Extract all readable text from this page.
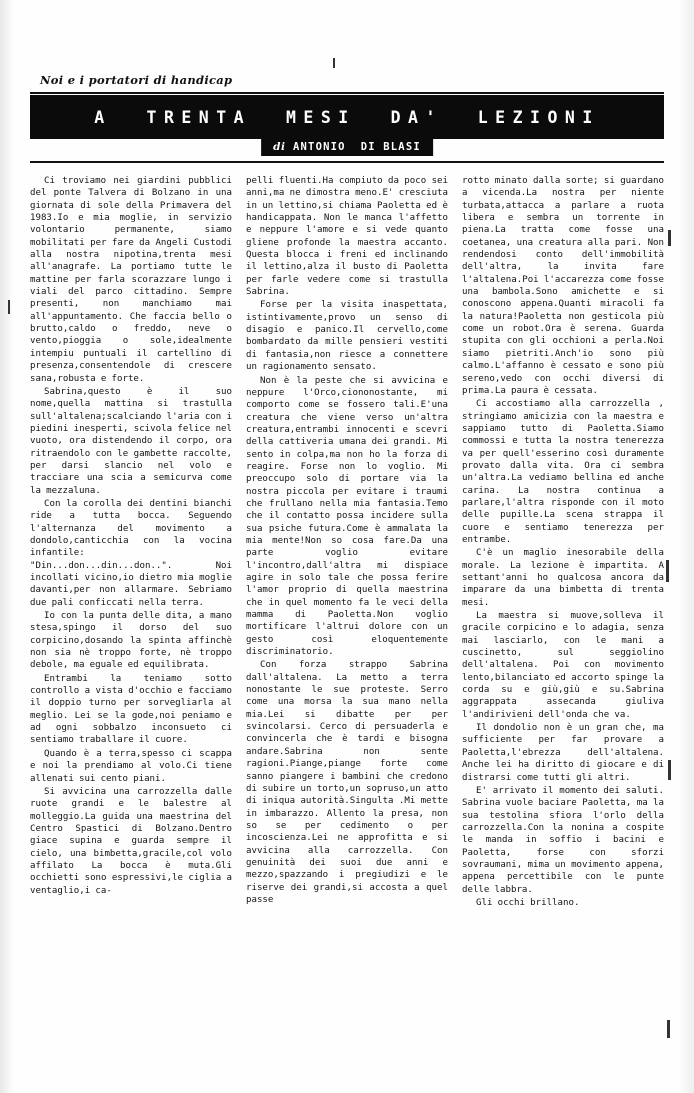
Noi e i portatori di handicap
A  TRENTA  MESI  DA'  LEZIONI
di ANTONIO  DI BLASI

Ci troviamo nei giardini pubblici del ponte Talvera di Bolzano in una giornata di sole della Primavera del 1983.Io e mia moglie, in servizio volontario permanente, siamo mobilitati per fare da Angeli Custodi alla nostra nipotina,trenta mesi all'anagrafe. La portiamo tutte le mattine per farla scorazzare lungo i viali del parco cittadino. Sempre presenti, non manchiamo mai all'appuntamento. Che faccia bello o brutto,caldo o freddo, neve o vento,pioggia o sole,idealmente intempiu puntuali il cartellino di presenza,consentendole di crescere sana,robusta e forte.

Sabrina,questo è il suo nome,quella mattina si trastulla sull'altalena;scalciando l'aria con i piedini inesperti, scivola felice nel vuoto, ora distendendo il corpo, ora ritraendolo con le gambette raccolte, per darsi slancio nel volo e tracciare una scia a semicurva come la mezzaluna.

Con la corolla dei dentini bianchi ride a tutta bocca. Seguendo l'alternanza del movimento a dondolo,canticchia con la vocina infantile: "Din...don...din...don..". Noi incollati vicino,io dietro mia moglie davanti,per non allarmare. Sebriamo due pali conficcati nella terra.

Io con la punta delle dita, a mano stesa,spingo il dorso del suo corpicino,dosando la spinta affinchè non sia nè troppo forte, nè troppo debole, ma eguale ed equilibrata.

Entrambi la teniamo sotto controllo a vista d'occhio e facciamo il doppio turno per sorvegliarla al meglio. Lei se la gode,noi peniamo e ad ogni sobbalzo inconsueto ci sentiamo traballare il cuore.

Quando è a terra,spesso ci scappa e noi la prendiamo al volo.Ci tiene allenati sui cento piani.

Si avvicina una carrozzella dalle ruote grandi e le balestre al molleggio.La guida una maestrina del Centro Spastici di Bolzano.Dentro giace supina e guarda sempre il cielo, una bimbetta,gracile,col volo affilato La bocca è muta.Gli occhietti sono espressivi,le ciglia a ventaglio,i ca-

pelli fluenti.Ha compiuto da poco sei anni,ma ne dimostra meno.E' cresciuta in un lettino,si chiama Paoletta ed è handicappata. Non le manca l'affetto e neppure l'amore e si vede quanto gliene profonde la maestra accanto. Questa blocca i freni ed inclinando il lettino,alza il busto di Paoletta per farle vedere come si trastulla Sabrina.

Forse per la visita inaspettata, istintivamente,provo un senso di disagio e panico.Il cervello,come bombardato da mille pensieri vestiti di fantasia,non riesce a connettere un ragionamento sensato.

Non è la peste che si avvicina e neppure l'Orco,ciononostante, mi comporto come se fossero tali.E'una creatura che viene verso un'altra creatura,entrambi innocenti e scevri della cattiveria umana dei grandi. Mi sento in colpa,ma non ho la forza di reagire. Forse non lo voglio. Mi preoccupo solo di portare via la nostra piccola per evitare i traumi che frullano nella mia fantasia.Temo che il contatto possa incidere sulla sua psiche futura.Come è ammalata la mia mente!Non so cosa fare.Da una parte voglio evitare l'incontro,dall'altra mi dispiace agire in solo tale che possa ferire l'amor proprio di quella maestrina che in quel momento fa le veci della mamma di Paoletta.Non voglio mortificare l'altrui dolore con un gesto così eloquentemente discriminatorio.

Con forza strappo Sabrina dall'altalena. La metto a terra nonostante le sue proteste. Serro come una morsa la sua mano nella mia.Lei si dibatte per per svincolarsi. Cerco di persuaderla e convincerla che è tardi e bisogna andare.Sabrina non sente ragioni.Piange,piange forte come sanno piangere i bambini che credono di subire un torto,un sopruso,un atto di iniqua autorità.Singulta .Mi mette in imbarazzo. Allento la presa, non so se per cedimento o per incoscienza.Lei ne approfitta e si avvicina alla carrozzella. Con genuinità dei suoi due anni e mezzo,spazzando i pregiudizi e le riserve dei grandi,si accosta a quel passe

rotto minato dalla sorte; si guardano a vicenda.La nostra per niente turbata,attacca a parlare a ruota libera e sembra un torrente in piena.La tratta come fosse una coetanea, una creatura alla pari. Non rendendosi conto dell'immobilità dell'altra, la invita fare l'altalena.Poi l'accarezza come fosse una bambola.Sono amichette e si conoscono appena.Quanti miracoli fa la natura!Paoletta non gesticola più come un robot.Ora è serena. Guarda stupita con gli occhioni a perla.Noi siamo pietriti.Anch'io sono più calmo.L'affanno è cessato e sono più sereno,vedo con occhi diversi di prima.La paura è cessata.

Ci accostiamo alla carrozzella , stringiamo amicizia con la maestra e sappiamo tutto di Paoletta.Siamo commossi e tutta la nostra tenerezza va per quell'esserino così duramente provato dalla vita. Ora ci sembra un'altra.La vediamo bellina ed anche carina. La nostra continua a parlare,l'altra risponde con il moto delle pupille.La scena strappa il cuore e sentiamo tenerezza per entrambe.

C'è un maglio inesorabile della morale. La lezione è impartita. A settant'anni ho qualcosa ancora da imparare da una bimbetta di trenta mesi.

La maestra si muove,solleva il gracile corpicino e lo adagia, senza mai lasciarlo, con le mani a cuscinetto, sul seggiolino dell'altalena. Poi con movimento lento,bilanciato ed accorto spinge la corda su e giù,giù e su.Sabrina aggrappata assecanda giuliva l'andirivieni dell'onda che va.

Il dondolio non è un gran che, ma sufficiente per far provare a Paoletta,l'ebrezza dell'altalena. Anche lei ha diritto di giocare e di distrarsi come tutti gli altri.

E' arrivato il momento dei saluti. Sabrina vuole baciare Paoletta, ma la sua testolina sfiora l'orlo della carrozzella.Con la nonina a cospite le manda in soffio i bacini e Paoletta, forse con sforzi sovraumani, mima un movimento appena, appena percettibile con le punte delle labbra.

Gli occhi brillano.
